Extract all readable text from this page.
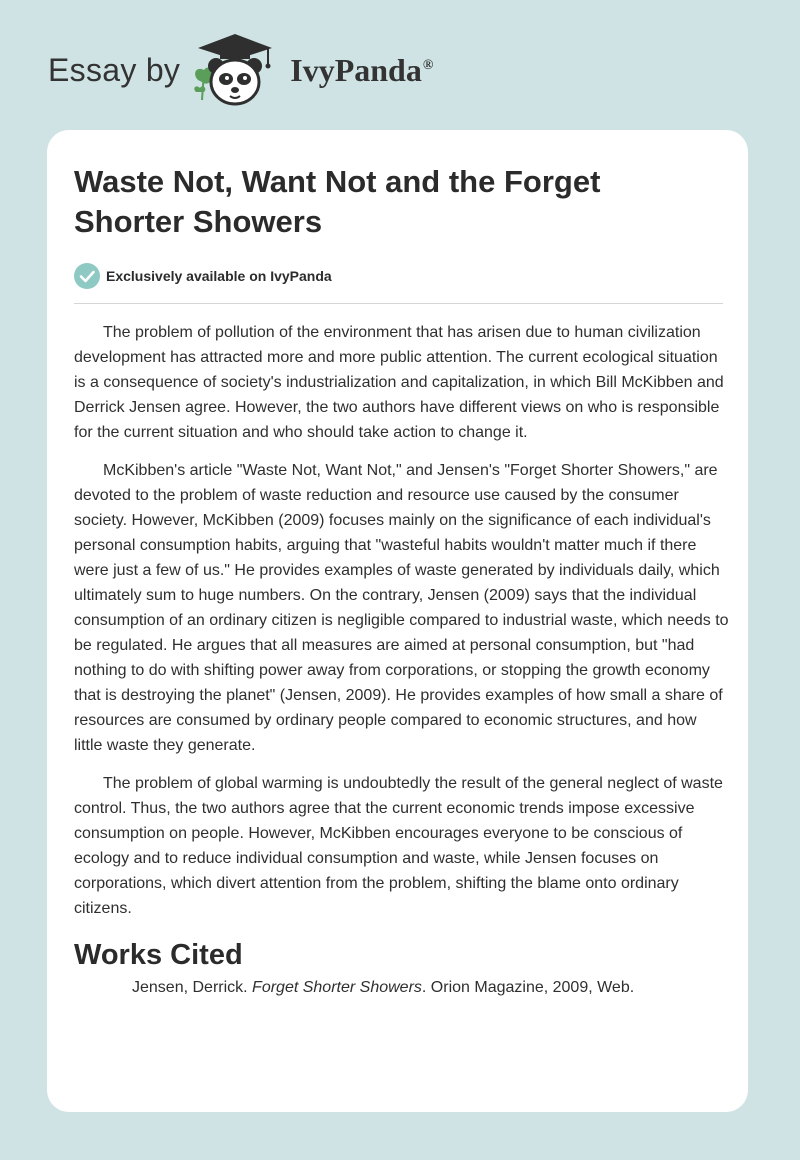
Essay by	IvyPanda®
Waste Not, Want Not and the Forget Shorter Showers
Exclusively available on IvyPanda

The problem of pollution of the environment that has arisen due to human civilization development has attracted more and more public attention. The current ecological situation is a consequence of society's industrialization and capitalization, in which Bill McKibben and Derrick Jensen agree. However, the two authors have different views on who is responsible for the current situation and who should take action to change it.

McKibben's article "Waste Not, Want Not," and Jensen's "Forget Shorter Showers," are devoted to the problem of waste reduction and resource use caused by the consumer society. However, McKibben (2009) focuses mainly on the significance of each individual's personal consumption habits, arguing that "wasteful habits wouldn't matter much if there were just a few of us." He provides examples of waste generated by individuals daily, which ultimately sum to huge numbers. On the contrary, Jensen (2009) says that the individual consumption of an ordinary citizen is negligible compared to industrial waste, which needs to be regulated. He argues that all measures are aimed at personal consumption, but "had nothing to do with shifting power away from corporations, or stopping the growth economy that is destroying the planet" (Jensen, 2009). He provides examples of how small a share of resources are consumed by ordinary people compared to economic structures, and how little waste they generate.

The problem of global warming is undoubtedly the result of the general neglect of waste control. Thus, the two authors agree that the current economic trends impose excessive consumption on people. However, McKibben encourages everyone to be conscious of ecology and to reduce individual consumption and waste, while Jensen focuses on corporations, which divert attention from the problem, shifting the blame onto ordinary citizens.

Works Cited

Jensen, Derrick. Forget Shorter Showers. Orion Magazine, 2009, Web.
